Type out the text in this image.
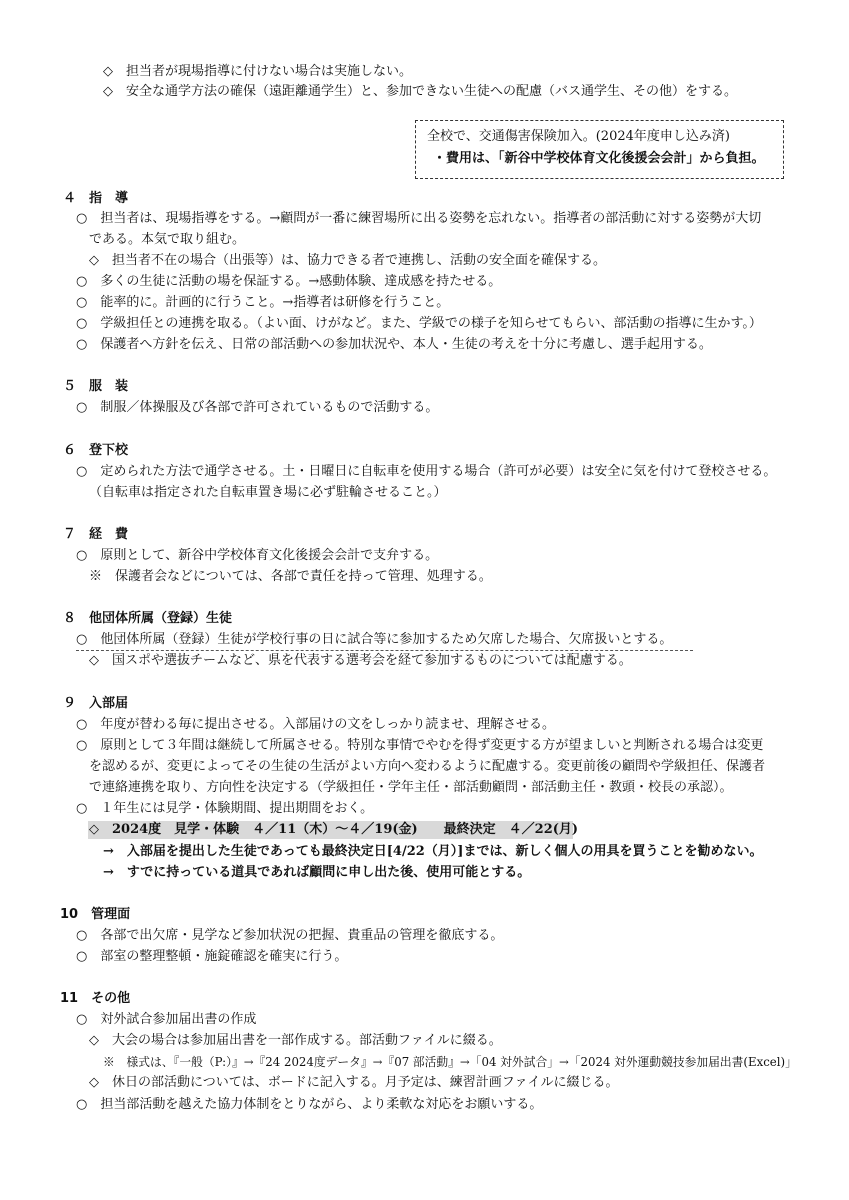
◇　担当者が現場指導に付けない場合は実施しない。
◇　安全な通学方法の確保（遠距離通学生）と、参加できない生徒への配慮（バス通学生、その他）をする。
全校で、交通傷害保険加入。(2024年度申し込み済)
・費用は、「新谷中学校体育文化後援会会計」から負担。
４　指　導
○　担当者は、現場指導をする。→顧問が一番に練習場所に出る姿勢を忘れない。指導者の部活動に対する姿勢が大切
である。本気で取り組む。
◇　担当者不在の場合（出張等）は、協力できる者で連携し、活動の安全面を確保する。
○　多くの生徒に活動の場を保証する。→感動体験、達成感を持たせる。
○　能率的に。計画的に行うこと。→指導者は研修を行うこと。
○　学級担任との連携を取る。（よい面、けがなど。また、学級での様子を知らせてもらい、部活動の指導に生かす。）
○　保護者へ方針を伝え、日常の部活動への参加状況や、本人・生徒の考えを十分に考慮し、選手起用する。
５　服　装
○　制服／体操服及び各部で許可されているもので活動する。
６　登下校
○　定められた方法で通学させる。土・日曜日に自転車を使用する場合（許可が必要）は安全に気を付けて登校させる。
（自転車は指定された自転車置き場に必ず駐輪させること。）
７　経　費
○　原則として、新谷中学校体育文化後援会会計で支弁する。
※　保護者会などについては、各部で責任を持って管理、処理する。
８　他団体所属（登録）生徒
○　他団体所属（登録）生徒が学校行事の日に試合等に参加するため欠席した場合、欠席扱いとする。
◇　国スポや選抜チームなど、県を代表する選考会を経て参加するものについては配慮する。
９　入部届
○　年度が替わる毎に提出させる。入部届けの文をしっかり読ませ、理解させる。
○　原則として３年間は継続して所属させる。特別な事情でやむを得ず変更する方が望ましいと判断される場合は変更
を認めるが、変更によってその生徒の生活がよい方向へ変わるように配慮する。変更前後の顧問や学級担任、保護者
で連絡連携を取り、方向性を決定する（学級担任・学年主任・部活動顧問・部活動主任・教頭・校長の承認）。
○　１年生には見学・体験期間、提出期間をおく。
◇　2024度　見学・体験　４／11（木）～４／19(金)　　最終決定　４／22(月)
→　入部届を提出した生徒であっても最終決定日[4/22（月）]までは、新しく個人の用具を買うことを勧めない。
→　すでに持っている道具であれば顧問に申し出た後、使用可能とする。
10　管理面
○　各部で出欠席・見学など参加状況の把握、貴重品の管理を徹底する。
○　部室の整理整頓・施錠確認を確実に行う。
11　その他
○　対外試合参加届出書の作成
◇　大会の場合は参加届出書を一部作成する。部活動ファイルに綴る。
※　様式は、『一般（P:）』→『24 2024度データ』→『07 部活動』→「04 対外試合」→「2024 対外運動競技参加届出書(Excel)」
◇　休日の部活動については、ボードに記入する。月予定は、練習計画ファイルに綴じる。
○　担当部活動を越えた協力体制をとりながら、より柔軟な対応をお願いする。
